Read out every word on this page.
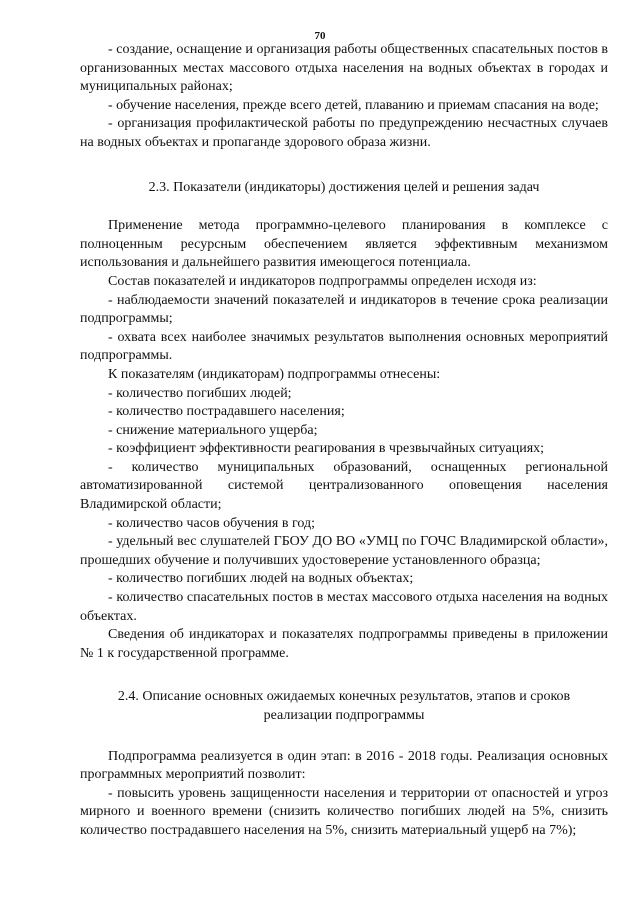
70

- создание, оснащение и организация работы общественных спасательных постов в организованных местах массового отдыха населения на водных объектах в городах и муниципальных районах;

- обучение населения, прежде всего детей, плаванию и приемам спасания на воде;

- организация профилактической работы по предупреждению несчастных случаев на водных объектах и пропаганде здорового образа жизни.

2.3. Показатели (индикаторы) достижения целей и решения задач

Применение метода программно-целевого планирования в комплексе с полноценным ресурсным обеспечением является эффективным механизмом использования и дальнейшего развития имеющегося потенциала.

Состав показателей и индикаторов подпрограммы определен исходя из:

- наблюдаемости значений показателей и индикаторов в течение срока реализации подпрограммы;

- охвата всех наиболее значимых результатов выполнения основных мероприятий подпрограммы.

К показателям (индикаторам) подпрограммы отнесены:

- количество погибших людей;

- количество пострадавшего населения;

- снижение материального ущерба;

- коэффициент эффективности реагирования в чрезвычайных ситуациях;

- количество муниципальных образований, оснащенных региональной автоматизированной системой централизованного оповещения населения Владимирской области;

- количество часов обучения в год;

- удельный вес слушателей ГБОУ ДО ВО «УМЦ по ГОЧС Владимирской области», прошедших обучение и получивших удостоверение установленного образца;

- количество погибших людей на водных объектах;

- количество спасательных постов в местах массового отдыха населения на водных объектах.

Сведения об индикаторах и показателях подпрограммы приведены в приложении № 1 к государственной программе.

2.4. Описание основных ожидаемых конечных результатов, этапов и сроков

реализации подпрограммы

Подпрограмма реализуется в один этап: в 2016 - 2018 годы. Реализация основных программных мероприятий позволит:

- повысить уровень защищенности населения и территории от опасностей и угроз мирного и военного времени (снизить количество погибших людей на 5%, снизить количество пострадавшего населения на 5%, снизить материальный ущерб на 7%);
